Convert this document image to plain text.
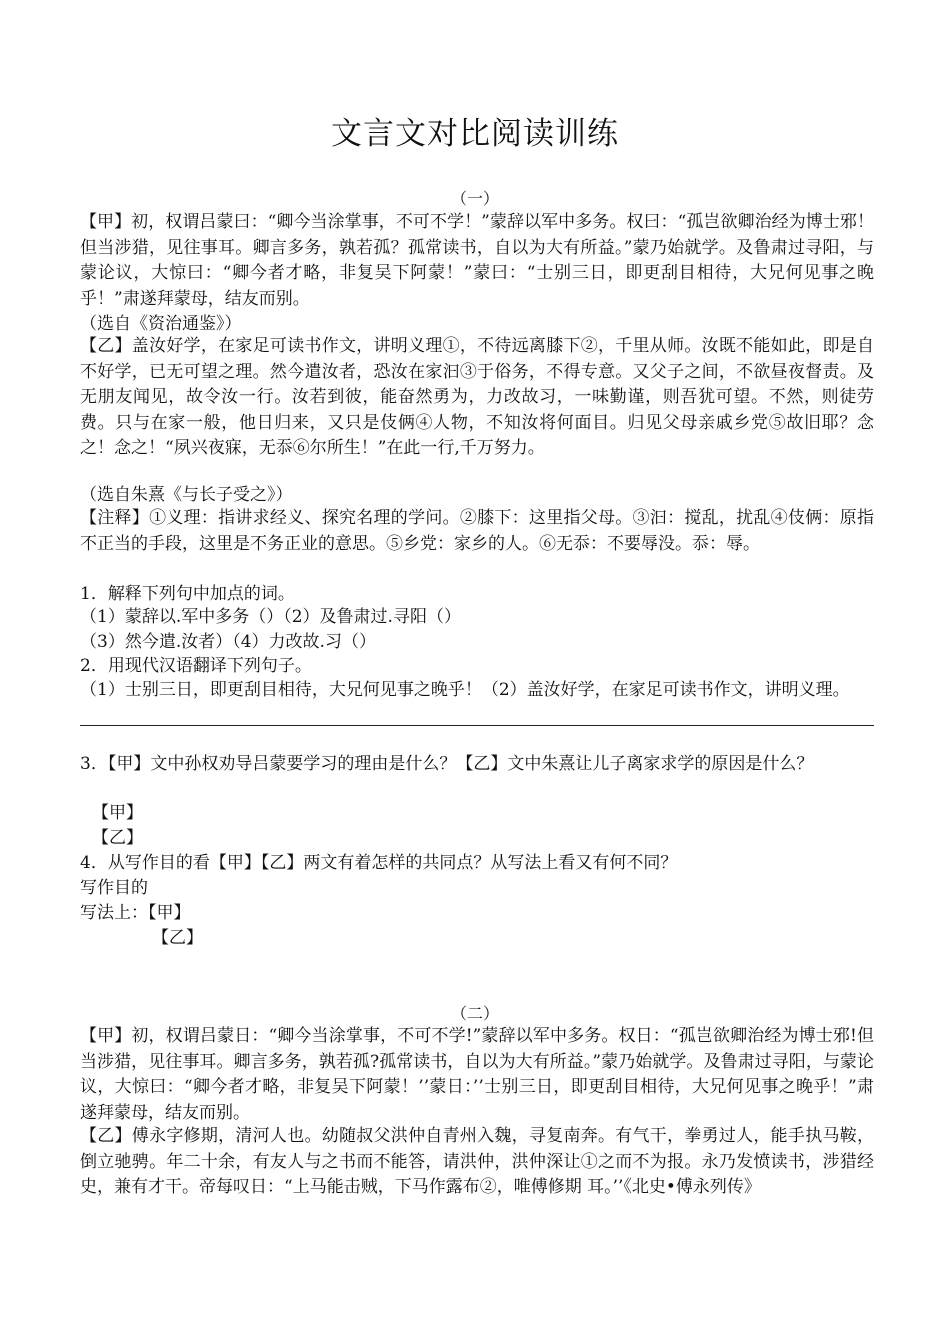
文言文对比阅读训练
（一）
【甲】初，权谓吕蒙曰：“卿今当涂掌事，不可不学！”蒙辞以军中多务。权曰：“孤岂欲卿治经为博士邪！但当涉猎，见往事耳。卿言多务，孰若孤？孤常读书，自以为大有所益。”蒙乃始就学。及鲁肃过寻阳，与蒙论议，大惊曰：“卿今者才略，非复吴下阿蒙！”蒙曰：“士别三日，即更刮目相待，大兄何见事之晚乎！”肃遂拜蒙母，结友而别。
（选自《资治通鉴》）
【乙】盖汝好学，在家足可读书作文，讲明义理①，不待远离膝下②，千里从师。汝既不能如此，即是自不好学，已无可望之理。然今遣汝者，恐汝在家汩③于俗务，不得专意。又父子之间，不欲昼夜督责。及无朋友闻见，故令汝一行。汝若到彼，能奋然勇为，力改故习，一味勤谨，则吾犹可望。不然，则徒劳费。只与在家一般，他日归来，又只是伎俩④人物，不知汝将何面目。归见父母亲戚乡党⑤故旧耶？念之！念之！“夙兴夜寐，无忝⑥尔所生！”在此一行,千万努力。
（选自朱熹《与长子受之》）
【注释】①义理：指讲求经义、探究名理的学问。②膝下：这里指父母。③汩：搅乱，扰乱④伎俩：原指不正当的手段，这里是不务正业的意思。⑤乡党：家乡的人。⑥无忝：不要辱没。忝：辱。
1．解释下列句中加点的词。
（1）蒙辞以.军中多务（）（2）及鲁肃过.寻阳（）
（3）然今遣.汝者）（4）力改故.习（）
2．用现代汉语翻译下列句子。
（1）士别三日，即更刮目相待，大兄何见事之晚乎！（2）盖汝好学，在家足可读书作文，讲明义理。
3．【甲】文中孙权劝导吕蒙要学习的理由是什么？【乙】文中朱熹让儿子离家求学的原因是什么？
【甲】
【乙】
4．从写作目的看【甲】【乙】两文有着怎样的共同点？从写法上看又有何不同？
写作目的
写法上：【甲】
【乙】
（二）
【甲】初，权谓吕蒙日：“卿今当涂掌事，不可不学!”蒙辞以军中多务。权日：“孤岂欲卿治经为博士邪!但当涉猎，见往事耳。卿言多务，孰若孤?孤常读书，自以为大有所益。”蒙乃始就学。及鲁肃过寻阳，与蒙论议，大惊曰：“卿今者才略，非复吴下阿蒙！’’蒙日：’’士别三日，即更刮目相待，大兄何见事之晚乎！”肃遂拜蒙母，结友而别。
【乙】傅永字修期，清河人也。幼随叔父洪仲自青州入魏，寻复南奔。有气干，拳勇过人，能手执马鞍，倒立驰骋。年二十余，有友人与之书而不能答，请洪仲，洪仲深让①之而不为报。永乃发愤读书，涉猎经史，兼有才干。帝每叹日：“上马能击贼，下马作露布②，唯傅修期 耳。’’《北史•傅永列传》
